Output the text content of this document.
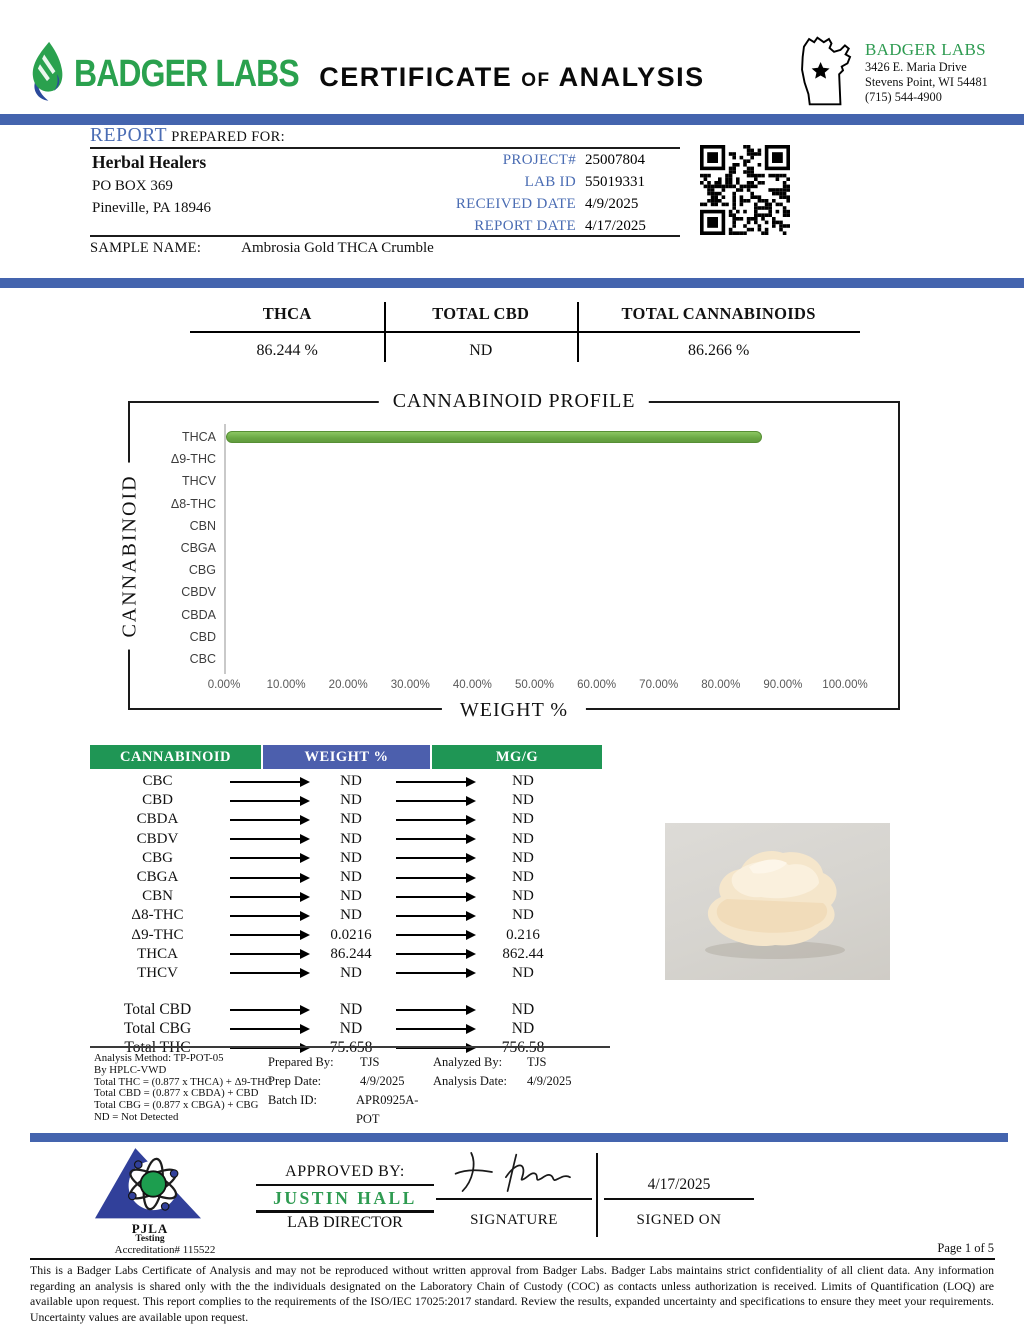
BADGER LABS CERTIFICATE of ANALYSIS
BADGER LABS
3426 E. Maria Drive
Stevens Point, WI 54481
(715) 544-4900
REPORT PREPARED FOR:
Herbal Healers
PO BOX 369
Pineville, PA 18946
PROJECT# 25007804
LAB ID 55019331
RECEIVED DATE 4/9/2025
REPORT DATE 4/17/2025
SAMPLE NAME:	Ambrosia Gold THCA Crumble
THCA	TOTAL CBD	TOTAL CANNABINOIDS
86.244 %	ND	86.266 %
CANNABINOID PROFILE
CANNABINOID
THCA
Δ9-THC
THCV
Δ8-THC
CBN
CBGA
CBG
CBDV
CBDA
CBD
CBC
0.00% 10.00% 20.00% 30.00% 40.00% 50.00% 60.00% 70.00% 80.00% 90.00% 100.00%
WEIGHT %
CANNABINOID	WEIGHT %	MG/G
CBC	ND	ND
CBD	ND	ND
CBDA	ND	ND
CBDV	ND	ND
CBG	ND	ND
CBGA	ND	ND
CBN	ND	ND
Δ8-THC	ND	ND
Δ9-THC	0.0216	0.216
THCA	86.244	862.44
THCV	ND	ND
Total CBD	ND	ND
Total CBG	ND	ND
Total THC	75.658	756.58
Analysis Method: TP-POT-05
By HPLC-VWD
Total THC = (0.877 x THCA) + Δ9-THC
Total CBD = (0.877 x CBDA) + CBD
Total CBG = (0.877 x CBGA) + CBG
ND = Not Detected
Prepared By:	TJS
Prep Date:	4/9/2025
Batch ID:	APR0925A-POT
Analyzed By:	TJS
Analysis Date:	4/9/2025
PJLA
Testing
Accreditation# 115522
APPROVED BY:
JUSTIN HALL
LAB DIRECTOR	SIGNATURE
4/17/2025
SIGNED ON
Page 1 of 5
This is a Badger Labs Certificate of Analysis and may not be reproduced without written approval from Badger Labs. Badger Labs maintains strict confidentiality of all client data. Any information regarding an analysis is shared only with the the individuals designated on the Laboratory Chain of Custody (COC) as contacts unless authorization is received. Limits of Quantification (LOQ) are available upon request. This report complies to the requirements of the ISO/IEC 17025:2017 standard. Review the results, expanded uncertainty and specifications to ensure they meet your requirements. Uncertainty values are available upon request.
